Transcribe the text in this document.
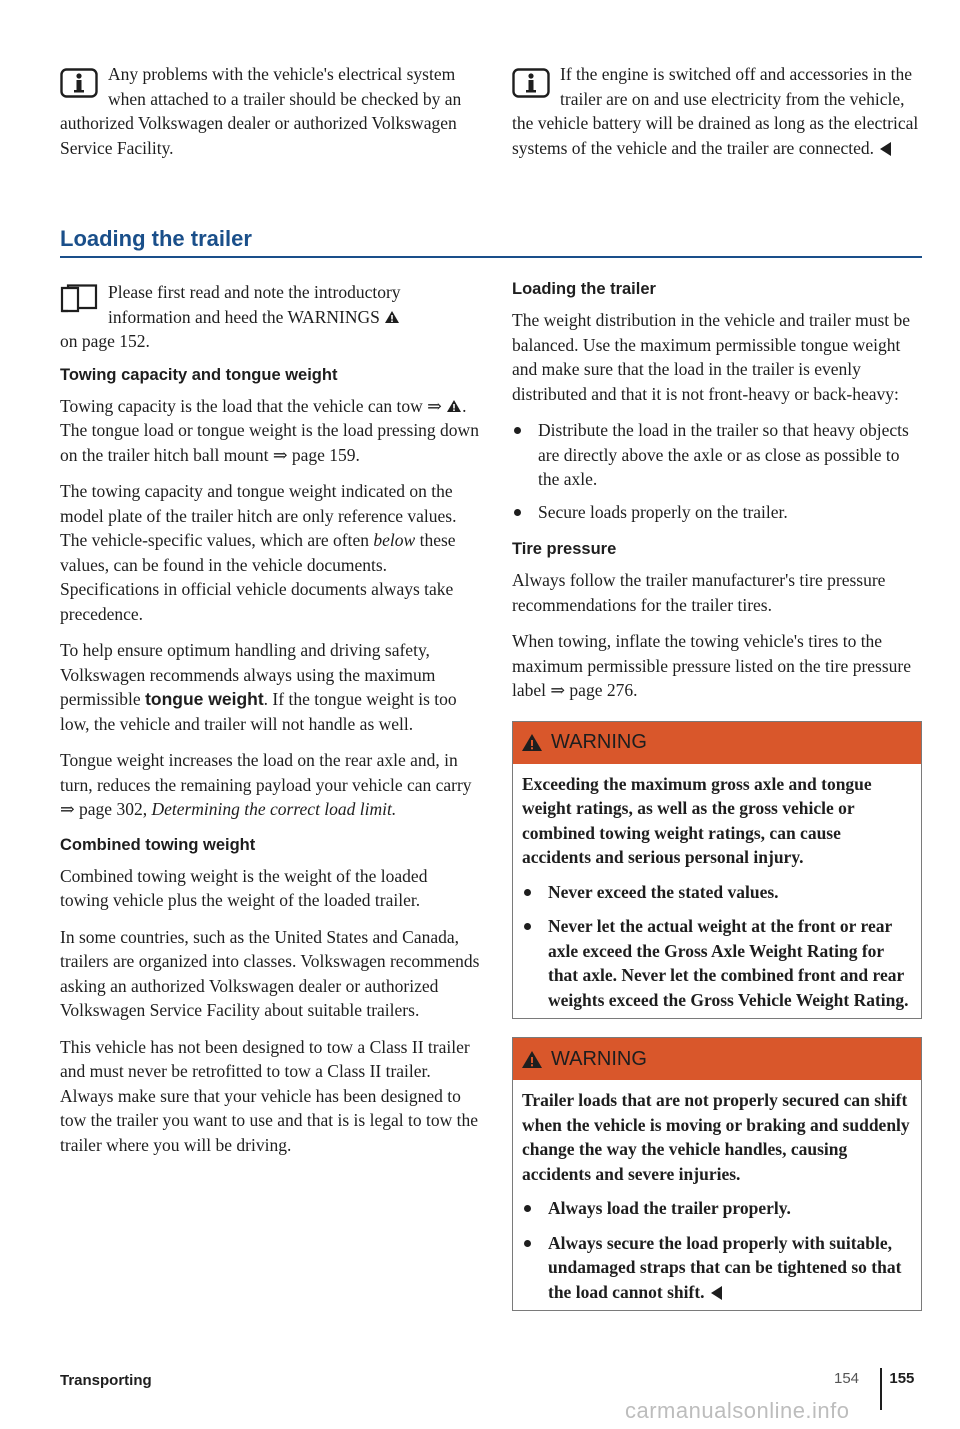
Any problems with the vehicle's electrical system when attached to a trailer should be checked by an authorized Volkswagen dealer or authorized Volkswagen Service Facility.

If the engine is switched off and accessories in the trailer are on and use electricity from the vehicle, the vehicle battery will be drained as long as the electrical systems of the vehicle and the trailer are connected.

Loading the trailer

Please first read and note the introductory information and heed the WARNINGS

on page 152.

Towing capacity and tongue weight

Towing capacity is the load that the vehicle can tow ⇒ . The tongue load or tongue weight is the load pressing down on the trailer hitch ball mount ⇒ page 159.

The towing capacity and tongue weight indicated on the model plate of the trailer hitch are only reference values. The vehicle-specific values, which are often below these values, can be found in the vehicle documents. Specifications in official vehicle documents always take precedence.

To help ensure optimum handling and driving safety, Volkswagen recommends always using the maximum permissible tongue weight. If the tongue weight is too low, the vehicle and trailer will not handle as well.

Tongue weight increases the load on the rear axle and, in turn, reduces the remaining payload your vehicle can carry ⇒ page 302, Determining the correct load limit.

Combined towing weight

Combined towing weight is the weight of the loaded towing vehicle plus the weight of the loaded trailer.

In some countries, such as the United States and Canada, trailers are organized into classes. Volkswagen recommends asking an authorized Volkswagen dealer or authorized Volkswagen Service Facility about suitable trailers.

This vehicle has not been designed to tow a Class II trailer and must never be retrofitted to tow a Class II trailer. Always make sure that your vehicle has been designed to tow the trailer you want to use and that is is legal to tow the trailer where you will be driving.

Loading the trailer

The weight distribution in the vehicle and trailer must be balanced. Use the maximum permissible tongue weight and make sure that the load in the trailer is evenly distributed and that it is not front-heavy or back-heavy:

Distribute the load in the trailer so that heavy objects are directly above the axle or as close as possible to the axle.

Secure loads properly on the trailer.

Tire pressure

Always follow the trailer manufacturer's tire pressure recommendations for the trailer tires.

When towing, inflate the towing vehicle's tires to the maximum permissible pressure listed on the tire pressure label ⇒ page 276.

WARNING

Exceeding the maximum gross axle and tongue weight ratings, as well as the gross vehicle or combined towing weight ratings, can cause accidents and serious personal injury.

Never exceed the stated values.

Never let the actual weight at the front or rear axle exceed the Gross Axle Weight Rating for that axle. Never let the combined front and rear weights exceed the Gross Vehicle Weight Rating.

WARNING

Trailer loads that are not properly secured can shift when the vehicle is moving or braking and suddenly change the way the vehicle handles, causing accidents and severe injuries.

Always load the trailer properly.

Always secure the load properly with suitable, undamaged straps that can be tightened so that the load cannot shift.

Transporting	154 155
carmanualsonline.info
